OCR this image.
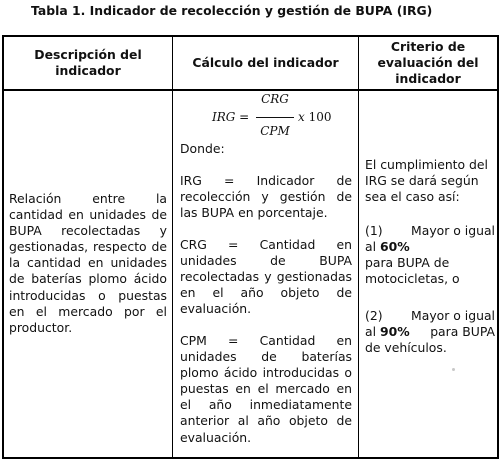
Tabla 1. Indicador de recolección y gestión de BUPA (IRG)
Descripción del
indicador
Cálculo del indicador
Criterio de
evaluación del
indicador
Relación entre la cantidad en unidades de BUPA recolectadas y gestionadas, respecto de la cantidad en unidades de baterías plomo ácido introducidas o puestas en el mercado por el productor.
IRG =
CRG
CPM
x 100
Donde:
IRG = Indicador de recolección y gestión de las BUPA en porcentaje.
CRG = Cantidad en unidades de BUPA recolectadas y gestionadas en el año objeto de evaluación.
CPM = Cantidad en unidades de baterías plomo ácido introducidas o puestas en el mercado en el año inmediatamente anterior al año objeto de evaluación.
El cumplimiento del IRG se dará según sea el caso así:
(1) Mayor o igual
al 60%
para BUPA de motocicletas, o
(2) Mayor o igual
al 90% para BUPA
de vehículos.
